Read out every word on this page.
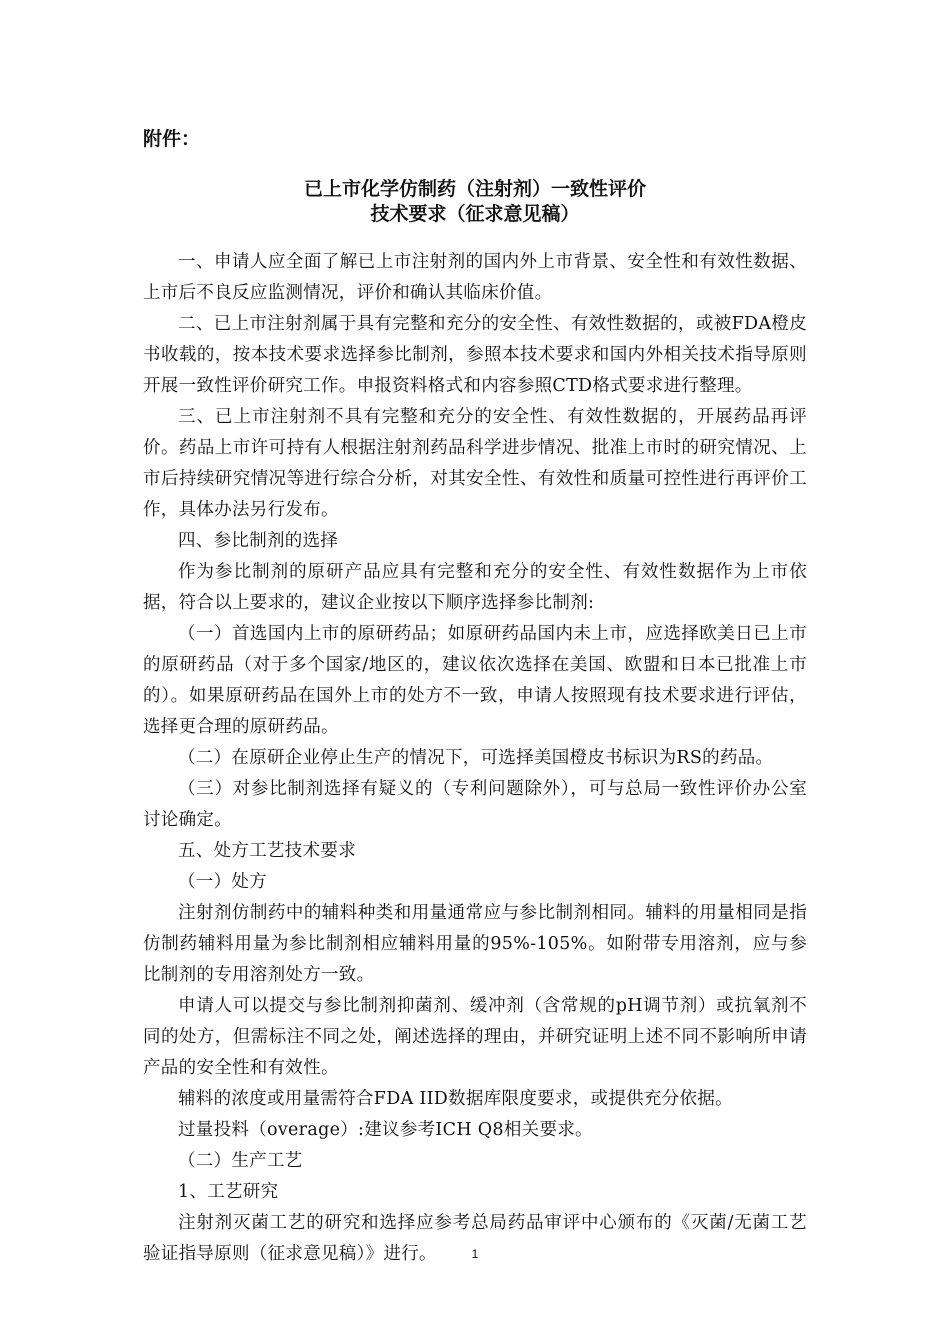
附件：
已上市化学仿制药（注射剂）一致性评价
技术要求（征求意见稿）

一、申请人应全面了解已上市注射剂的国内外上市背景、安全性和有效性数据、上市后不良反应监测情况，评价和确认其临床价值。

二、已上市注射剂属于具有完整和充分的安全性、有效性数据的，或被FDA橙皮书收载的，按本技术要求选择参比制剂，参照本技术要求和国内外相关技术指导原则开展一致性评价研究工作。申报资料格式和内容参照CTD格式要求进行整理。

三、已上市注射剂不具有完整和充分的安全性、有效性数据的，开展药品再评价。药品上市许可持有人根据注射剂药品科学进步情况、批准上市时的研究情况、上市后持续研究情况等进行综合分析，对其安全性、有效性和质量可控性进行再评价工作，具体办法另行发布。

四、参比制剂的选择

作为参比制剂的原研产品应具有完整和充分的安全性、有效性数据作为上市依据，符合以上要求的，建议企业按以下顺序选择参比制剂:

（一）首选国内上市的原研药品；如原研药品国内未上市，应选择欧美日已上市的原研药品（对于多个国家/地区的，建议依次选择在美国、欧盟和日本已批准上市的）。如果原研药品在国外上市的处方不一致，申请人按照现有技术要求进行评估，选择更合理的原研药品。

（二）在原研企业停止生产的情况下，可选择美国橙皮书标识为RS的药品。

（三）对参比制剂选择有疑义的（专利问题除外），可与总局一致性评价办公室讨论确定。

五、处方工艺技术要求

（一）处方

注射剂仿制药中的辅料种类和用量通常应与参比制剂相同。辅料的用量相同是指仿制药辅料用量为参比制剂相应辅料用量的95%-105%。如附带专用溶剂，应与参比制剂的专用溶剂处方一致。

申请人可以提交与参比制剂抑菌剂、缓冲剂（含常规的pH调节剂）或抗氧剂不同的处方，但需标注不同之处，阐述选择的理由，并研究证明上述不同不影响所申请产品的安全性和有效性。

辅料的浓度或用量需符合FDA IID数据库限度要求，或提供充分依据。

过量投料（overage）:建议参考ICH Q8相关要求。

（二）生产工艺

1、工艺研究

注射剂灭菌工艺的研究和选择应参考总局药品审评中心颁布的《灭菌/无菌工艺验证指导原则（征求意见稿）》进行。	1
